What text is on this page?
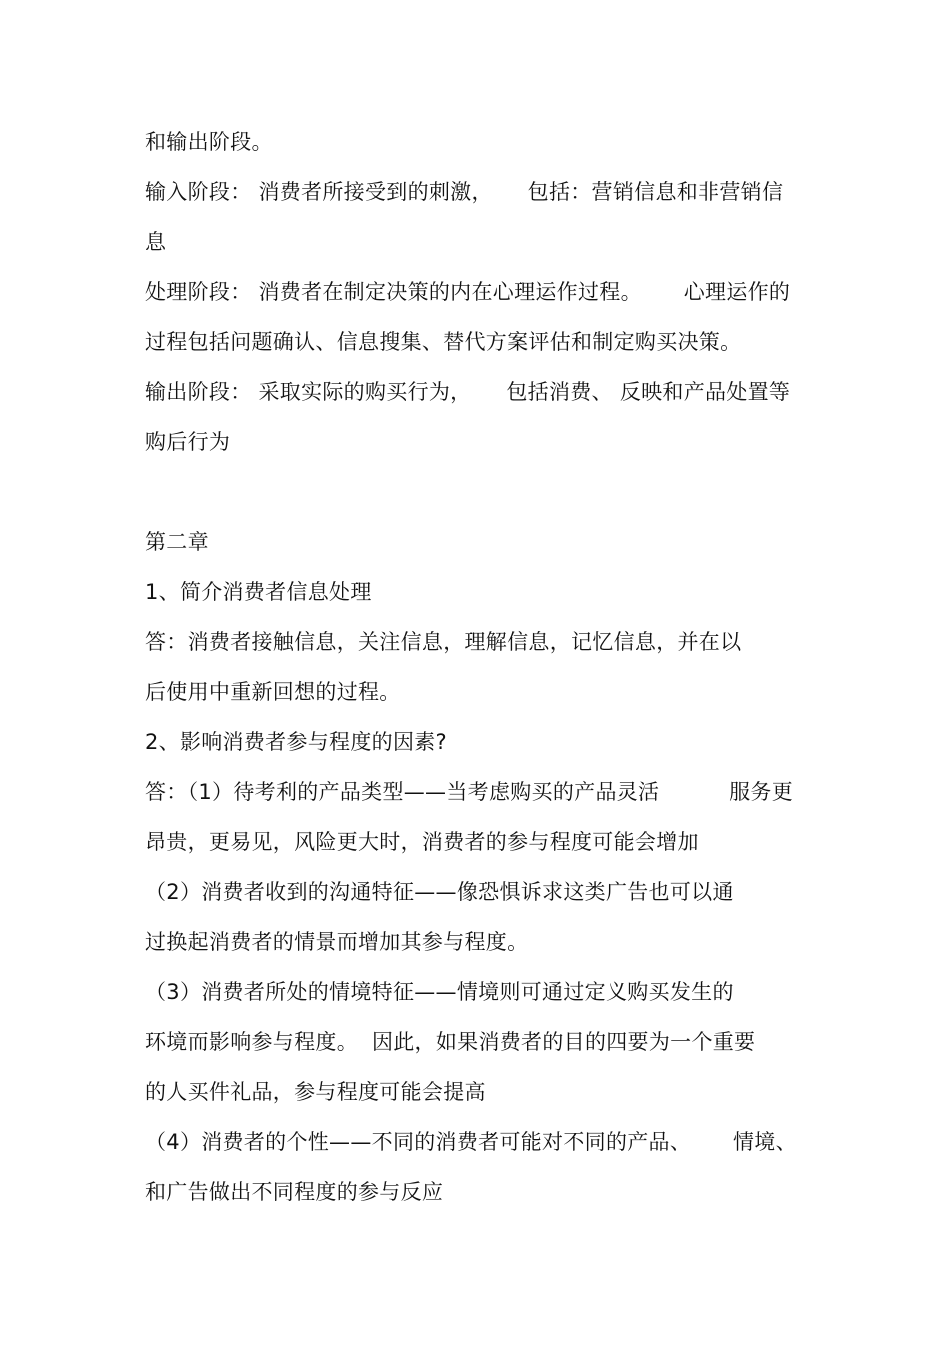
和输出阶段。
输入阶段： 消费者所接受到的刺激，     包括：营销信息和非营销信
息
处理阶段： 消费者在制定决策的内在心理运作过程。      心理运作的
过程包括问题确认、信息搜集、替代方案评估和制定购买决策。
输出阶段： 采取实际的购买行为，     包括消费、 反映和产品处置等
购后行为
第二章
1、简介消费者信息处理
答：消费者接触信息，关注信息，理解信息，记忆信息，并在以
后使用中重新回想的过程。
2、影响消费者参与程度的因素?
答：（1）待考利的产品类型——当考虑购买的产品灵活          服务更
昂贵，更易见，风险更大时，消费者的参与程度可能会增加
（2）消费者收到的沟通特征——像恐惧诉求这类广告也可以通
过换起消费者的情景而增加其参与程度。
（3）消费者所处的情境特征——情境则可通过定义购买发生的
环境而影响参与程度。  因此，如果消费者的目的四要为一个重要
的人买件礼品，参与程度可能会提高
（4）消费者的个性——不同的消费者可能对不同的产品、      情境、
和广告做出不同程度的参与反应
